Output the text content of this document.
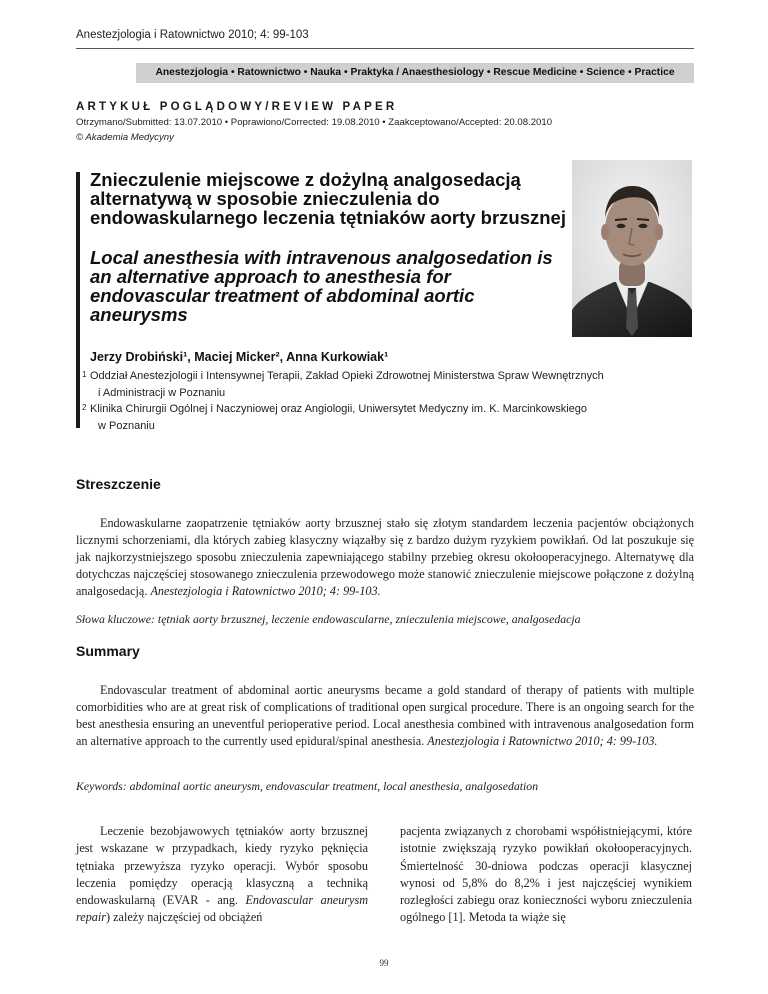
Anestezjologia i Ratownictwo 2010; 4: 99-103
Anestezjologia • Ratownictwo • Nauka • Praktyka / Anaesthesiology • Rescue Medicine • Science • Practice
ARTYKUŁ POGLĄDOWY/REVIEW PAPER
Otrzymano/Submitted: 13.07.2010 • Poprawiono/Corrected: 19.08.2010 • Zaakceptowano/Accepted: 20.08.2010
© Akademia Medycyny
Znieczulenie miejscowe z dożylną analgosedacją alternatywą w sposobie znieczulenia do endowaskularnego leczenia tętniaków aorty brzusznej
Local anesthesia with intravenous analgosedation is an alternative approach to anesthesia for endovascular treatment of abdominal aortic aneurysms
Jerzy Drobiński¹, Maciej Micker², Anna Kurkowiak¹
1 Oddział Anestezjologii i Intensywnej Terapii, Zakład Opieki Zdrowotnej Ministerstwa Spraw Wewnętrznych
i Administracji w Poznaniu
2 Klinika Chirurgii Ogólnej i Naczyniowej oraz Angiologii, Uniwersytet Medyczny im. K. Marcinkowskiego
w Poznaniu
Streszczenie
Endowaskularne zaopatrzenie tętniaków aorty brzusznej stało się złotym standardem leczenia pacjentów obciążonych licznymi schorzeniami, dla których zabieg klasyczny wiązałby się z bardzo dużym ryzykiem powikłań. Od lat poszukuje się jak najkorzystniejszego sposobu znieczulenia zapewniającego stabilny przebieg okresu okołooperacyjnego. Alternatywę dla dotychczas najczęściej stosowanego znieczulenia przewodowego może stanowić znieczulenie miejscowe połączone z dożylną analgosedacją. Anestezjologia i Ratownictwo 2010; 4: 99-103.
Słowa kluczowe: tętniak aorty brzusznej, leczenie endowascularne, znieczulenia miejscowe, analgosedacja
Summary
Endovascular treatment of abdominal aortic aneurysms became a gold standard of therapy of patients with multiple comorbidities who are at great risk of complications of traditional open surgical procedure. There is an ongoing search for the best anesthesia ensuring an uneventful perioperative period. Local anesthesia combined with intravenous analgosedation form an alternative approach to the currently used epidural/spinal anesthesia. Anestezjologia i Ratownictwo 2010; 4: 99-103.
Keywords: abdominal aortic aneurysm, endovascular treatment, local anesthesia, analgosedation
Leczenie bezobjawowych tętniaków aorty brzusznej jest wskazane w przypadkach, kiedy ryzyko pęknięcia tętniaka przewyższa ryzyko operacji. Wybór sposobu leczenia pomiędzy operacją klasyczną a techniką endowaskularną (EVAR - ang. Endovascular aneurysm repair) zależy najczęściej od obciążeń
pacjenta związanych z chorobami współistniejącymi, które istotnie zwiększają ryzyko powikłań okołooperacyjnych. Śmiertelność 30-dniowa podczas operacji klasycznej wynosi od 5,8% do 8,2% i jest najczęściej wynikiem rozległości zabiegu oraz konieczności wyboru znieczulenia ogólnego [1]. Metoda ta wiąże się
99
